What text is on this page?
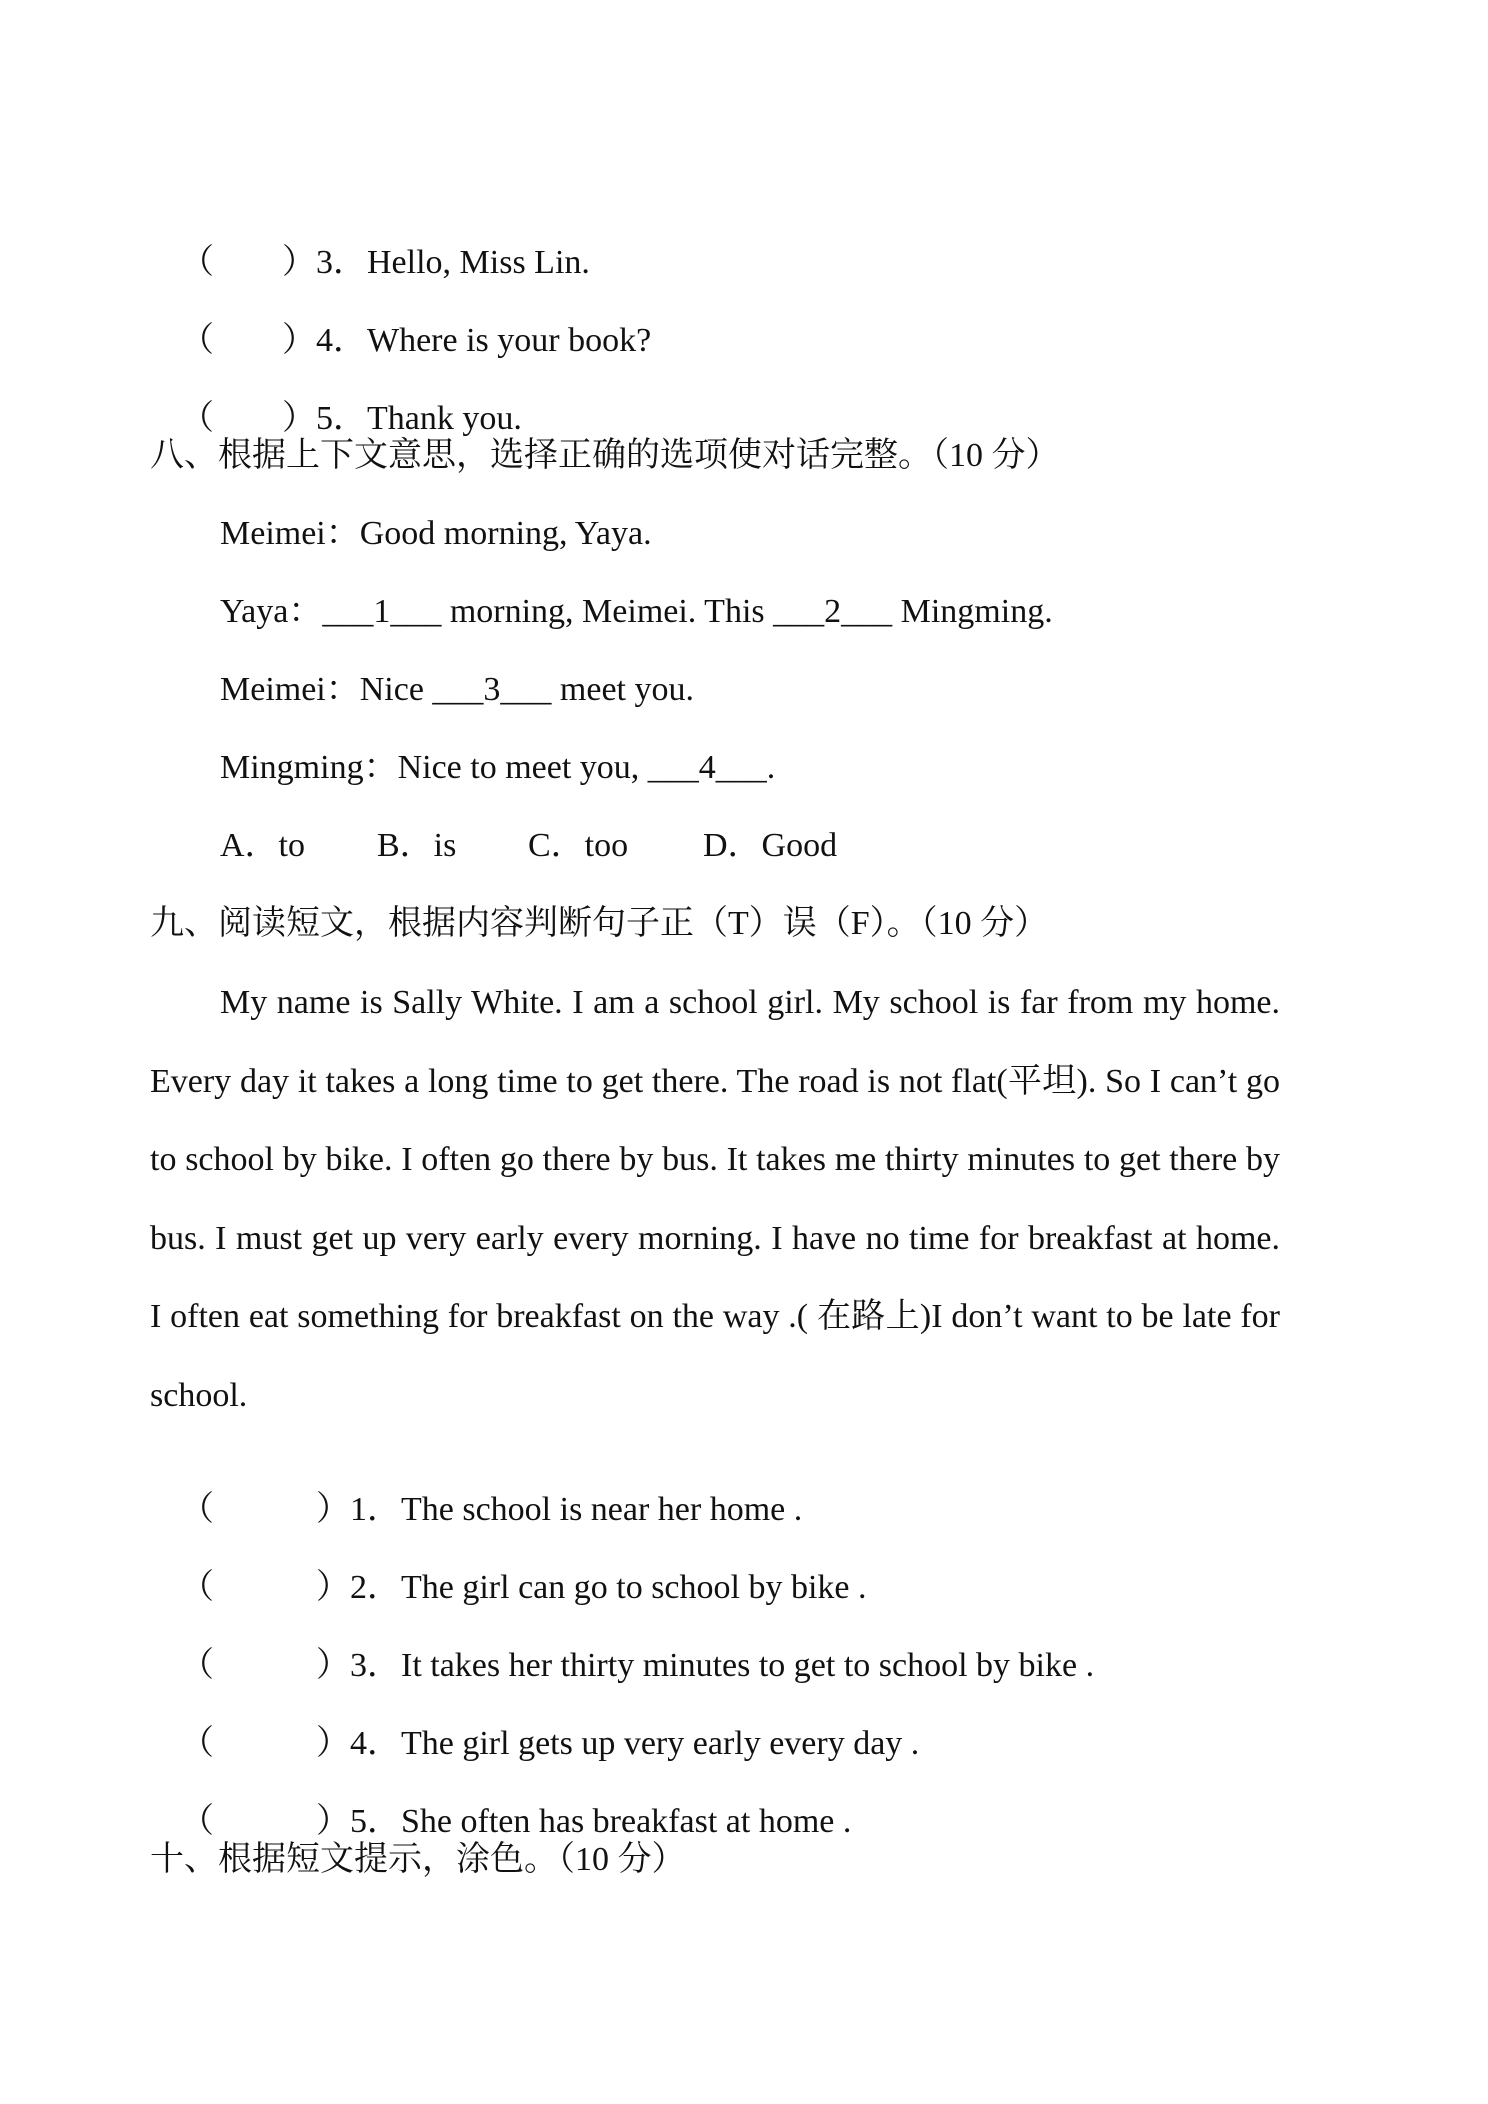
（　　）3．Hello, Miss Lin.

（　　）4．Where is your book?

（　　）5．Thank you.

八、根据上下文意思，选择正确的选项使对话完整。（10 分）
Meimei：Good morning, Yaya.
Yaya：___1___ morning, Meimei. This ___2___ Mingming.
Meimei：Nice ___3___ meet you.
Mingming：Nice to meet you, ___4___.
A．to B．is C．too D．Good
九、阅读短文，根据内容判断句子正（T）误（F）。（10 分）

My name is Sally White. I am a school girl. My school is far from my home. Every day it takes a long time to get there. The road is not flat(平坦). So I can’t go to school by bike. I often go there by bus. It takes me thirty minutes to get there by bus. I must get up very early every morning. I have no time for breakfast at home. I often eat something for breakfast on the way .( 在路上)I don’t want to be late for school.

（　　　）1．The school is near her home .

（　　　）2．The girl can go to school by bike .

（　　　）3．It takes her thirty minutes to get to school by bike .

（　　　）4．The girl gets up very early every day .

（　　　）5．She often has breakfast at home .

十、根据短文提示，涂色。（10 分）
